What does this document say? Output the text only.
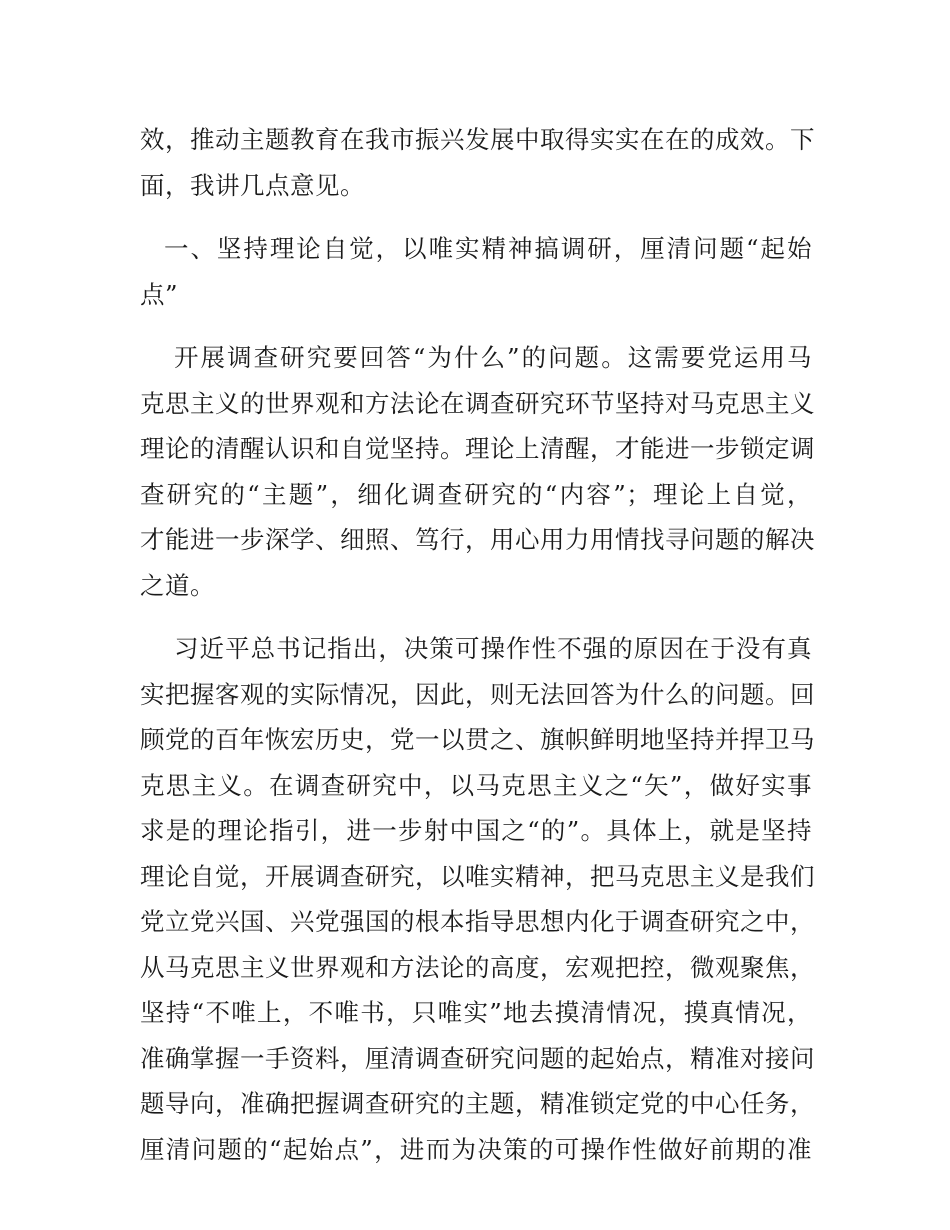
效，推动主题教育在我市振兴发展中取得实实在在的成效。下
面，我讲几点意见。
一、坚持理论自觉，以唯实精神搞调研，厘清问题“起始
点”
开展调查研究要回答“为什么”的问题。这需要党运用马
克思主义的世界观和方法论在调查研究环节坚持对马克思主义
理论的清醒认识和自觉坚持。理论上清醒，才能进一步锁定调
查研究的“主题”，细化调查研究的“内容”；理论上自觉，
才能进一步深学、细照、笃行，用心用力用情找寻问题的解决
之道。
习近平总书记指出，决策可操作性不强的原因在于没有真
实把握客观的实际情况，因此，则无法回答为什么的问题。回
顾党的百年恢宏历史，党一以贯之、旗帜鲜明地坚持并捍卫马
克思主义。在调查研究中，以马克思主义之“矢”，做好实事
求是的理论指引，进一步射中国之“的”。具体上，就是坚持
理论自觉，开展调查研究，以唯实精神，把马克思主义是我们
党立党兴国、兴党强国的根本指导思想内化于调查研究之中，
从马克思主义世界观和方法论的高度，宏观把控，微观聚焦，
坚持“不唯上，不唯书，只唯实”地去摸清情况，摸真情况，
准确掌握一手资料，厘清调查研究问题的起始点，精准对接问
题导向，准确把握调查研究的主题，精准锁定党的中心任务，
厘清问题的“起始点”，进而为决策的可操作性做好前期的准
